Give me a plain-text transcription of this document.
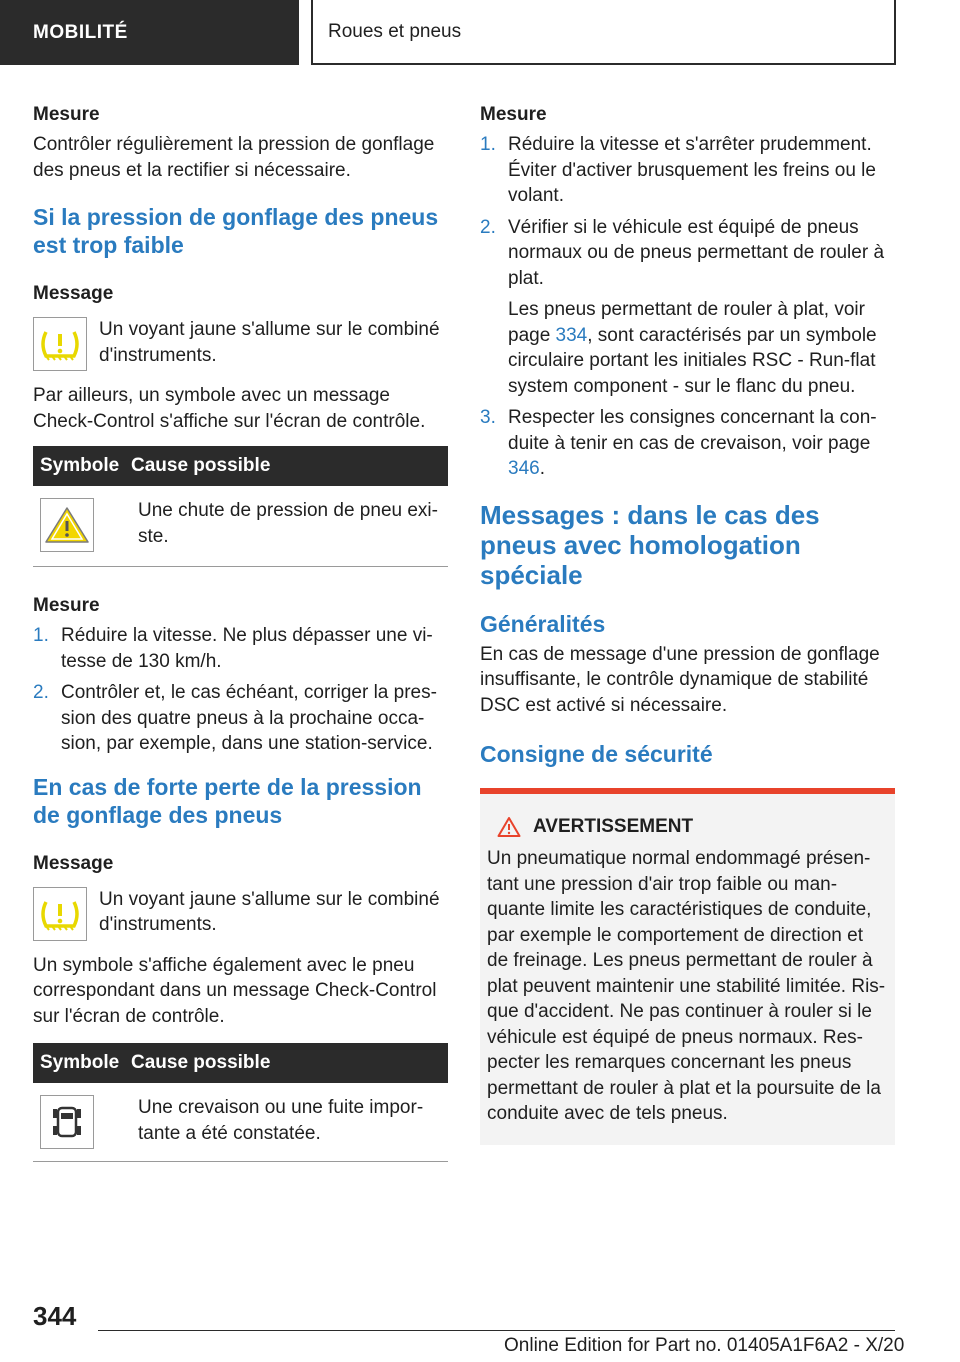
MOBILITÉ	Roues et pneus

Mesure

Contrôler régulièrement la pression de gonflage des pneus et la rectifier si nécessaire.

Si la pression de gonflage des pneus est trop faible

Message

Un voyant jaune s'allume sur le combiné d'instruments.

Par ailleurs, un symbole avec un message Check-Control s'affiche sur l'écran de contrôle.

Symbole Cause possible
Une chute de pression de pneu exi-ste.

Mesure

1. Réduire la vitesse. Ne plus dépasser une vi-tesse de 130 km/h.
2. Contrôler et, le cas échéant, corriger la pres-sion des quatre pneus à la prochaine occa-sion, par exemple, dans une station-service.
En cas de forte perte de la pression de gonflage des pneus

Message

Un voyant jaune s'allume sur le combiné d'instruments.

Un symbole s'affiche également avec le pneu correspondant dans un message Check-Control sur l'écran de contrôle.

Symbole Cause possible
Une crevaison ou une fuite impor-tante a été constatée.

Mesure

1. Réduire la vitesse et s'arrêter prudemment. Éviter d'activer brusquement les freins ou le volant.
2. Vérifier si le véhicule est équipé de pneus normaux ou de pneus permettant de rouler à plat.
Les pneus permettant de rouler à plat, voir page 334, sont caractérisés par un symbole circulaire portant les initiales RSC - Run-flat system component - sur le flanc du pneu.
3. Respecter les consignes concernant la con-duite à tenir en cas de crevaison, voir page 346.
Messages : dans le cas des pneus avec homologation spéciale
Généralités

En cas de message d'une pression de gonflage insuffisante, le contrôle dynamique de stabilité DSC est activé si nécessaire.

Consigne de sécurité
AVERTISSEMENT
Un pneumatique normal endommagé présen-tant une pression d'air trop faible ou man-quante limite les caractéristiques de conduite, par exemple le comportement de direction et de freinage. Les pneus permettant de rouler à plat peuvent maintenir une stabilité limitée. Ris-que d'accident. Ne pas continuer à rouler si le véhicule est équipé de pneus normaux. Res-pecter les remarques concernant les pneus permettant de rouler à plat et la poursuite de la conduite avec de tels pneus.
344
Online Edition for Part no. 01405A1F6A2 - X/20
